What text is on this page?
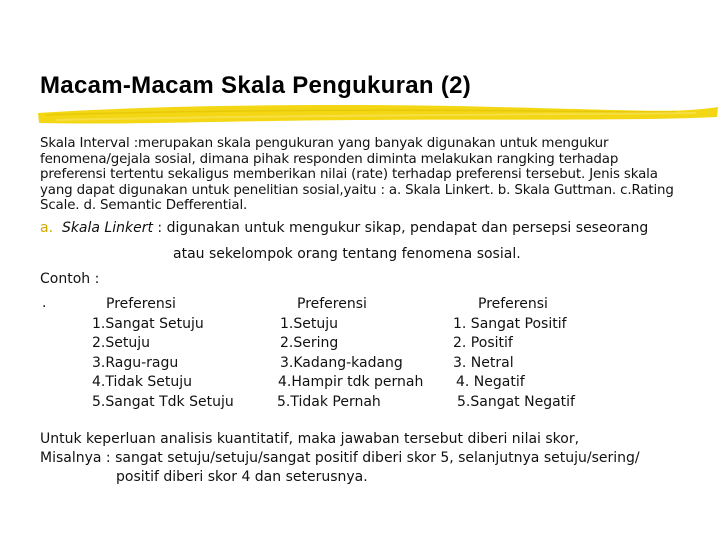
Macam-Macam Skala Pengukuran (2)

Skala Interval :merupakan skala pengukuran yang banyak digunakan untuk mengukur fenomena/gejala sosial, dimana pihak responden diminta melakukan rangking terhadap preferensi tertentu sekaligus memberikan nilai (rate) terhadap preferensi tersebut. Jenis skala yang dapat digunakan untuk penelitian sosial,yaitu : a. Skala Linkert. b. Skala Guttman. c.Rating Scale. d. Semantic Defferential.

a. Skala Linkert : digunakan untuk mengukur sikap, pendapat dan persepsi seseorang

atau sekelompok orang tentang fenomena sosial.

Contoh :

.	Preferensi
1.Sangat Setuju
2.Setuju
3.Ragu-ragu
4.Tidak Setuju
5.Sangat Tdk Setuju
Preferensi
1.Setuju
2.Sering
3.Kadang-kadang
4.Hampir tdk pernah
5.Tidak Pernah
Preferensi
1. Sangat Positif
2. Positif
3. Netral
4. Negatif
5.Sangat Negatif

Untuk keperluan analisis kuantitatif, maka jawaban tersebut diberi nilai skor,
Misalnya : sangat setuju/setuju/sangat positif diberi skor 5, selanjutnya setuju/sering/
positif diberi skor 4 dan seterusnya.
